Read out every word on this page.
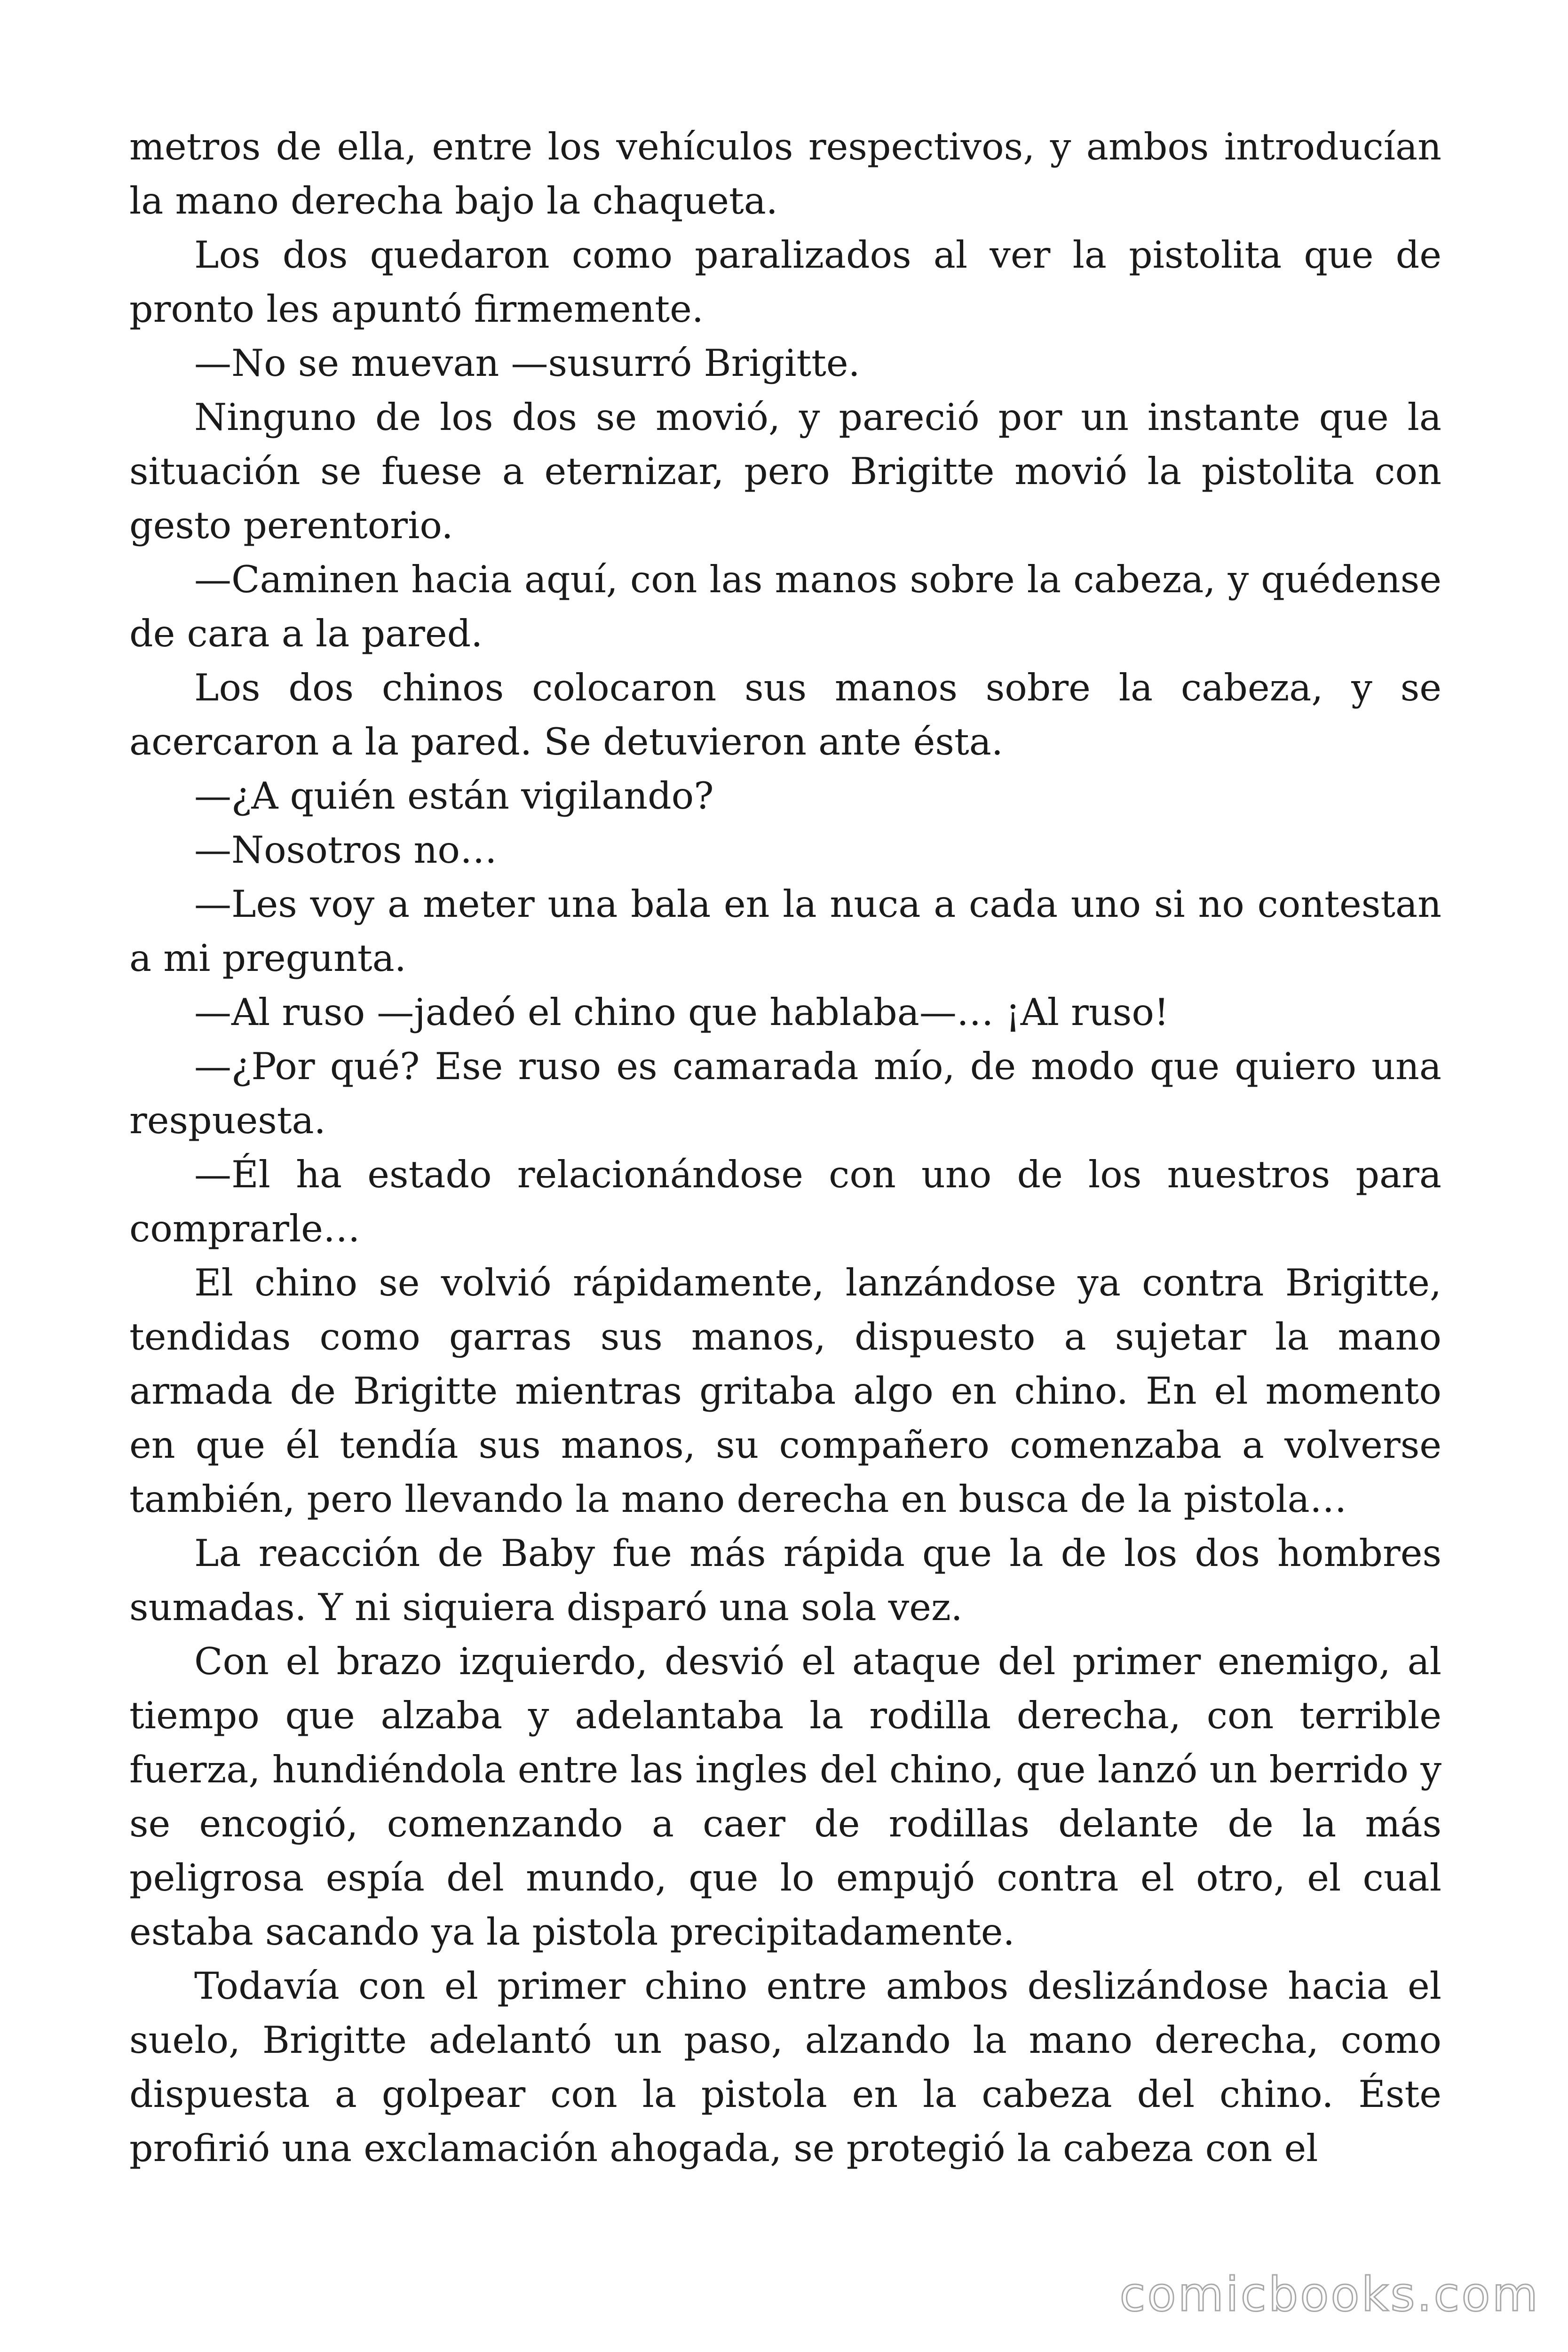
metros de ella, entre los vehículos respectivos, y ambos introducían la mano derecha bajo la chaqueta.

Los dos quedaron como paralizados al ver la pistolita que de pronto les apuntó firmemente.

—No se muevan —susurró Brigitte.

Ninguno de los dos se movió, y pareció por un instante que la situación se fuese a eternizar, pero Brigitte movió la pistolita con gesto perentorio.

—Caminen hacia aquí, con las manos sobre la cabeza, y quédense de cara a la pared.

Los dos chinos colocaron sus manos sobre la cabeza, y se acercaron a la pared. Se detuvieron ante ésta.

—¿A quién están vigilando?

—Nosotros no…

—Les voy a meter una bala en la nuca a cada uno si no contestan a mi pregunta.

—Al ruso —jadeó el chino que hablaba—… ¡Al ruso!

—¿Por qué? Ese ruso es camarada mío, de modo que quiero una respuesta.

—Él ha estado relacionándose con uno de los nuestros para comprarle…

El chino se volvió rápidamente, lanzándose ya contra Brigitte, tendidas como garras sus manos, dispuesto a sujetar la mano armada de Brigitte mientras gritaba algo en chino. En el momento en que él tendía sus manos, su compañero comenzaba a volverse también, pero llevando la mano derecha en busca de la pistola…

La reacción de Baby fue más rápida que la de los dos hombres sumadas. Y ni siquiera disparó una sola vez.

Con el brazo izquierdo, desvió el ataque del primer enemigo, al tiempo que alzaba y adelantaba la rodilla derecha, con terrible fuerza, hundiéndola entre las ingles del chino, que lanzó un berrido y se encogió, comenzando a caer de rodillas delante de la más peligrosa espía del mundo, que lo empujó contra el otro, el cual estaba sacando ya la pistola precipitadamente.

Todavía con el primer chino entre ambos deslizándose hacia el suelo, Brigitte adelantó un paso, alzando la mano derecha, como dispuesta a golpear con la pistola en la cabeza del chino. Éste profirió una exclamación ahogada, se protegió la cabeza con el

comicbooks.com
